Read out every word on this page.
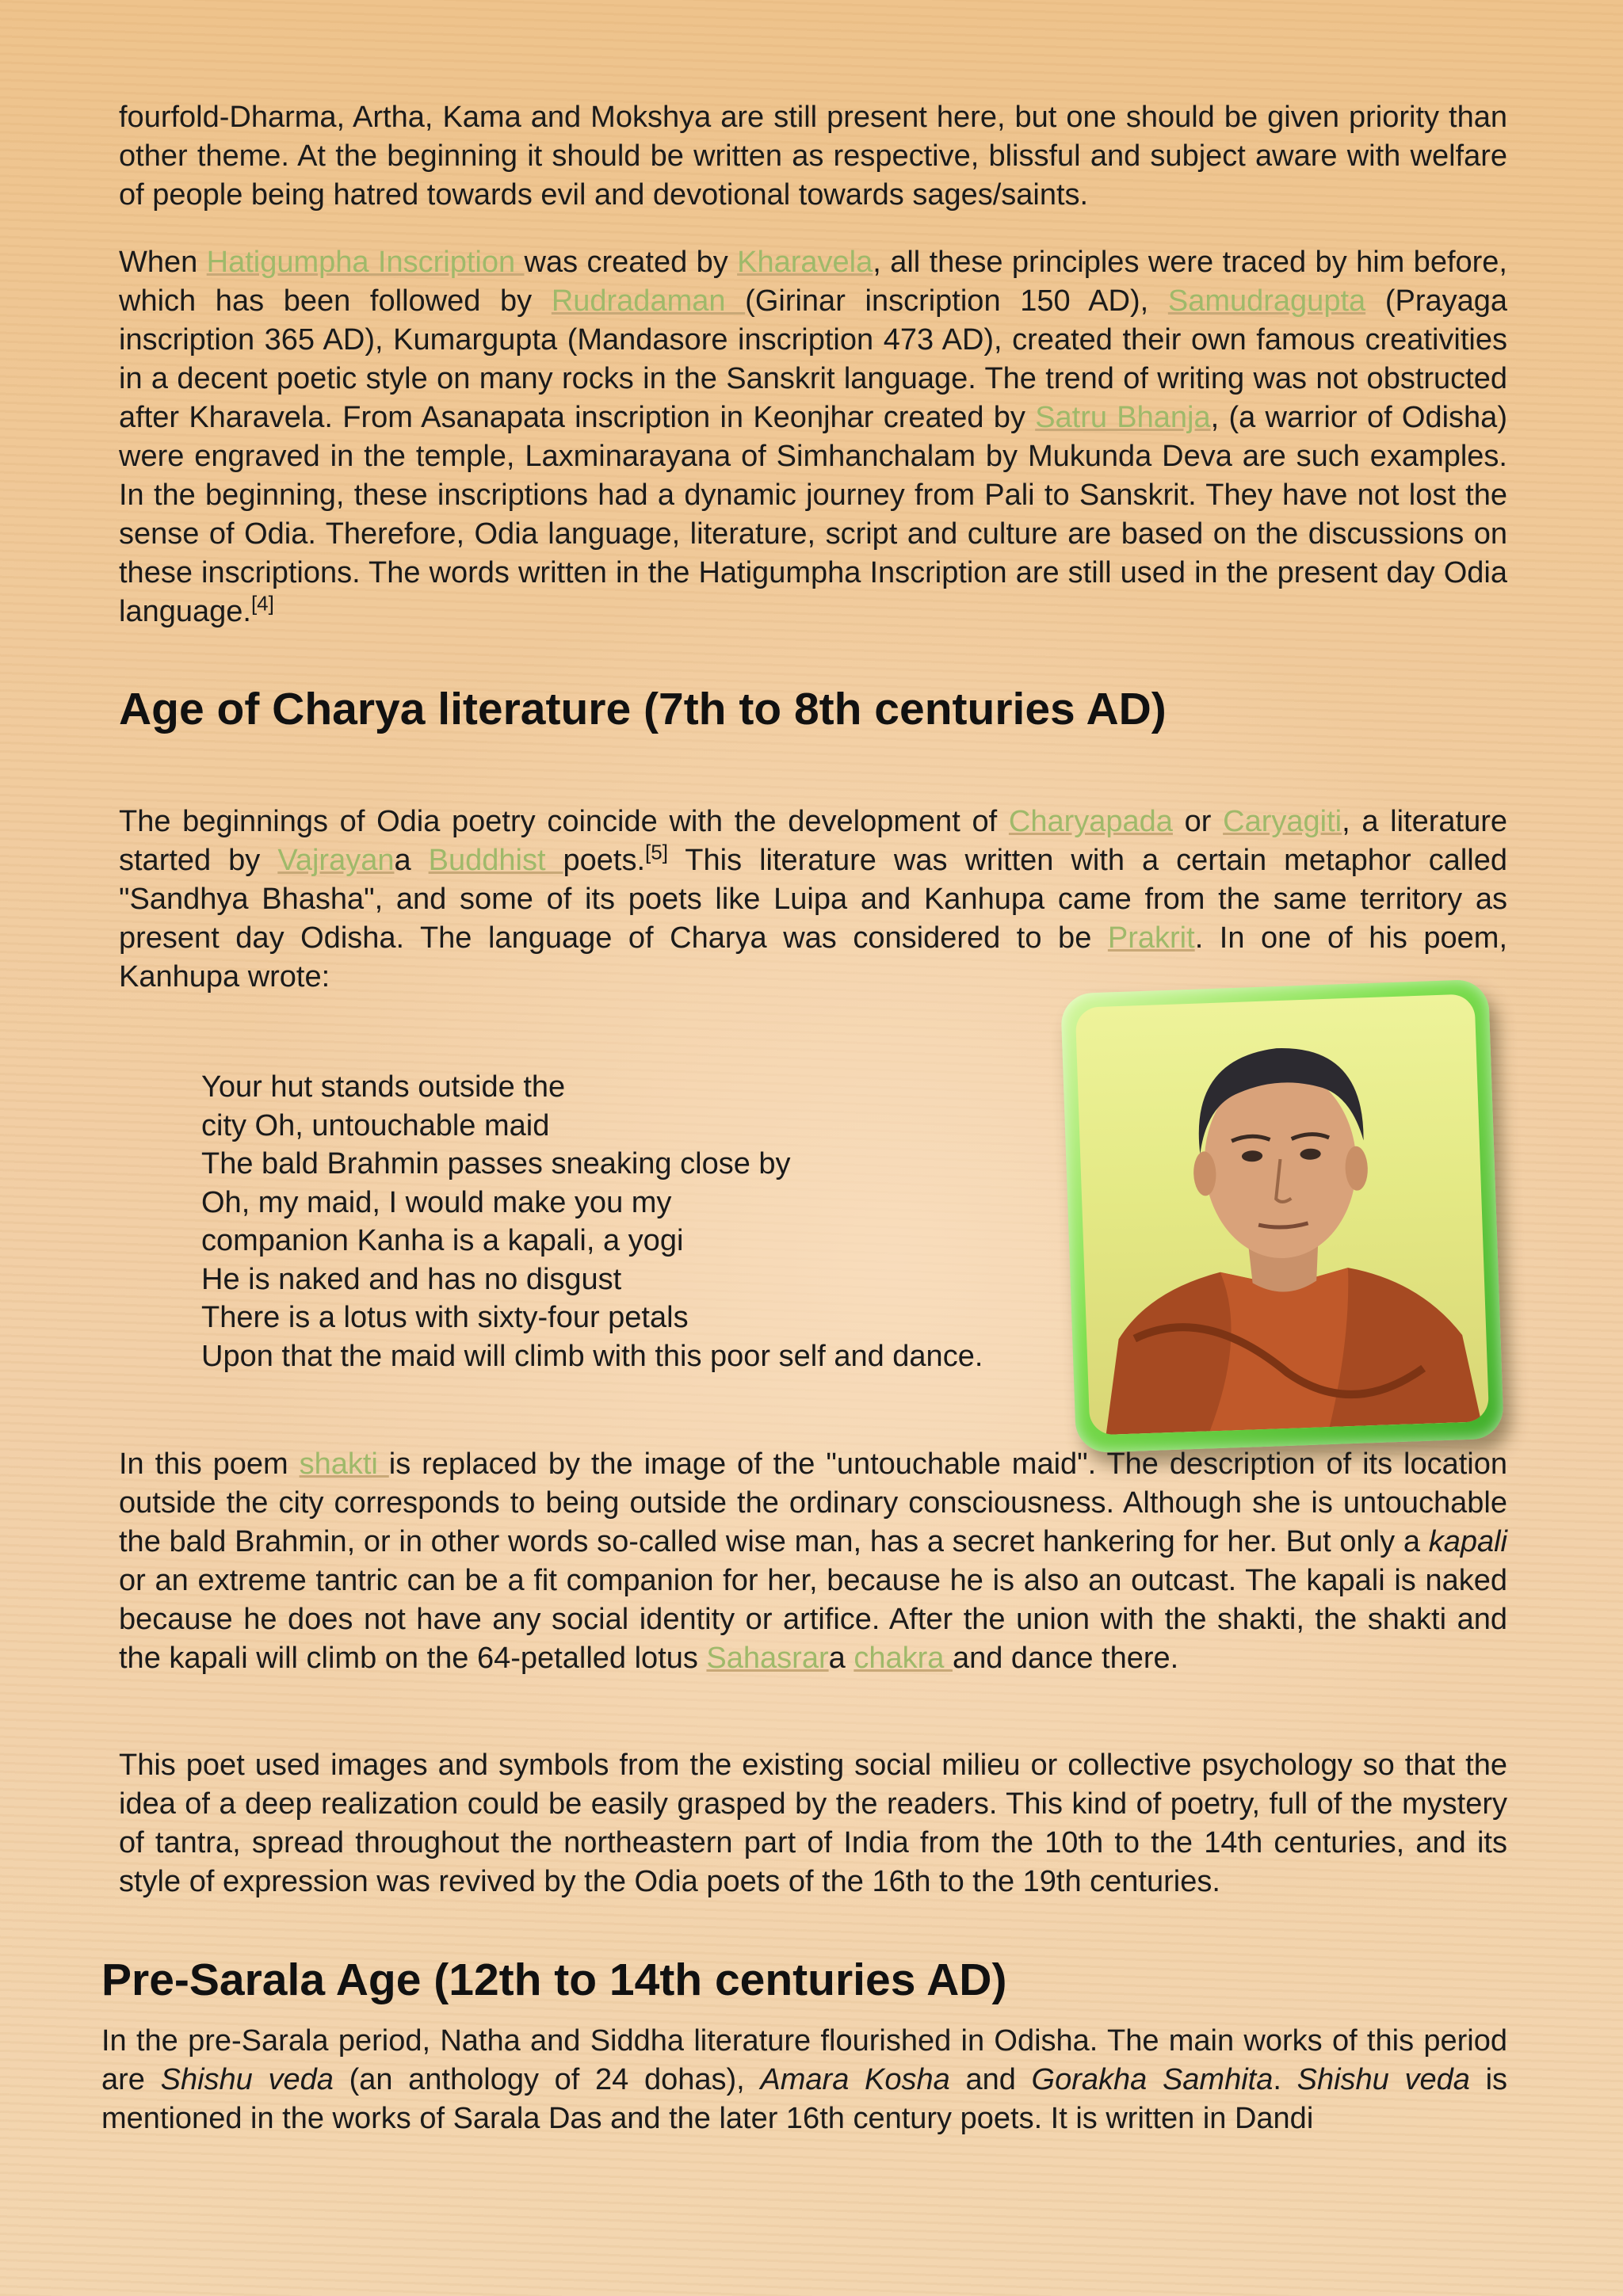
fourfold-Dharma, Artha, Kama and Mokshya are still present here, but one should be given priority than other theme. At the beginning it should be written as respective, blissful and subject aware with welfare of people being hatred towards evil and devotional towards sages/saints.

When Hatigumpha Inscription was created by Kharavela, all these principles were traced by him before, which has been followed by Rudradaman (Girinar inscription 150 AD), Samudragupta (Prayaga inscription 365 AD), Kumargupta (Mandasore inscription 473 AD), created their own famous creativities in a decent poetic style on many rocks in the Sanskrit language. The trend of writing was not obstructed after Kharavela. From Asanapata inscription in Keonjhar created by Satru Bhanja, (a warrior of Odisha) were engraved in the temple, Laxminarayana of Simhanchalam by Mukunda Deva are such examples. In the beginning, these inscriptions had a dynamic journey from Pali to Sanskrit. They have not lost the sense of Odia. Therefore, Odia language, literature, script and culture are based on the discussions on these inscriptions. The words written in the Hatigumpha Inscription are still used in the present day Odia language.[4]

Age of Charya literature (7th to 8th centuries AD)

The beginnings of Odia poetry coincide with the development of Charyapada or Caryagiti, a literature started by Vajrayana Buddhist poets.[5] This literature was written with a certain metaphor called "Sandhya Bhasha", and some of its poets like Luipa and Kanhupa came from the same territory as present day Odisha. The language of Charya was considered to be Prakrit. In one of his poem, Kanhupa wrote:

Your hut stands outside the
city Oh, untouchable maid
The bald Brahmin passes sneaking close by
Oh, my maid, I would make you my
companion Kanha is a kapali, a yogi
He is naked and has no disgust
There is a lotus with sixty-four petals
Upon that the maid will climb with this poor self and dance.

In this poem shakti is replaced by the image of the "untouchable maid". The description of its location outside the city corresponds to being outside the ordinary consciousness. Although she is untouchable the bald Brahmin, or in other words so-called wise man, has a secret hankering for her. But only a kapali or an extreme tantric can be a fit companion for her, because he is also an outcast. The kapali is naked because he does not have any social identity or artifice. After the union with the shakti, the shakti and the kapali will climb on the 64-petalled lotus Sahasrara chakra and dance there.

This poet used images and symbols from the existing social milieu or collective psychology so that the idea of a deep realization could be easily grasped by the readers. This kind of poetry, full of the mystery of tantra, spread throughout the northeastern part of India from the 10th to the 14th centuries, and its style of expression was revived by the Odia poets of the 16th to the 19th centuries.

Pre-Sarala Age (12th to 14th centuries AD)

In the pre-Sarala period, Natha and Siddha literature flourished in Odisha. The main works of this period are Shishu veda (an anthology of 24 dohas), Amara Kosha and Gorakha Samhita. Shishu veda is mentioned in the works of Sarala Das and the later 16th century poets. It is written in Dandi
